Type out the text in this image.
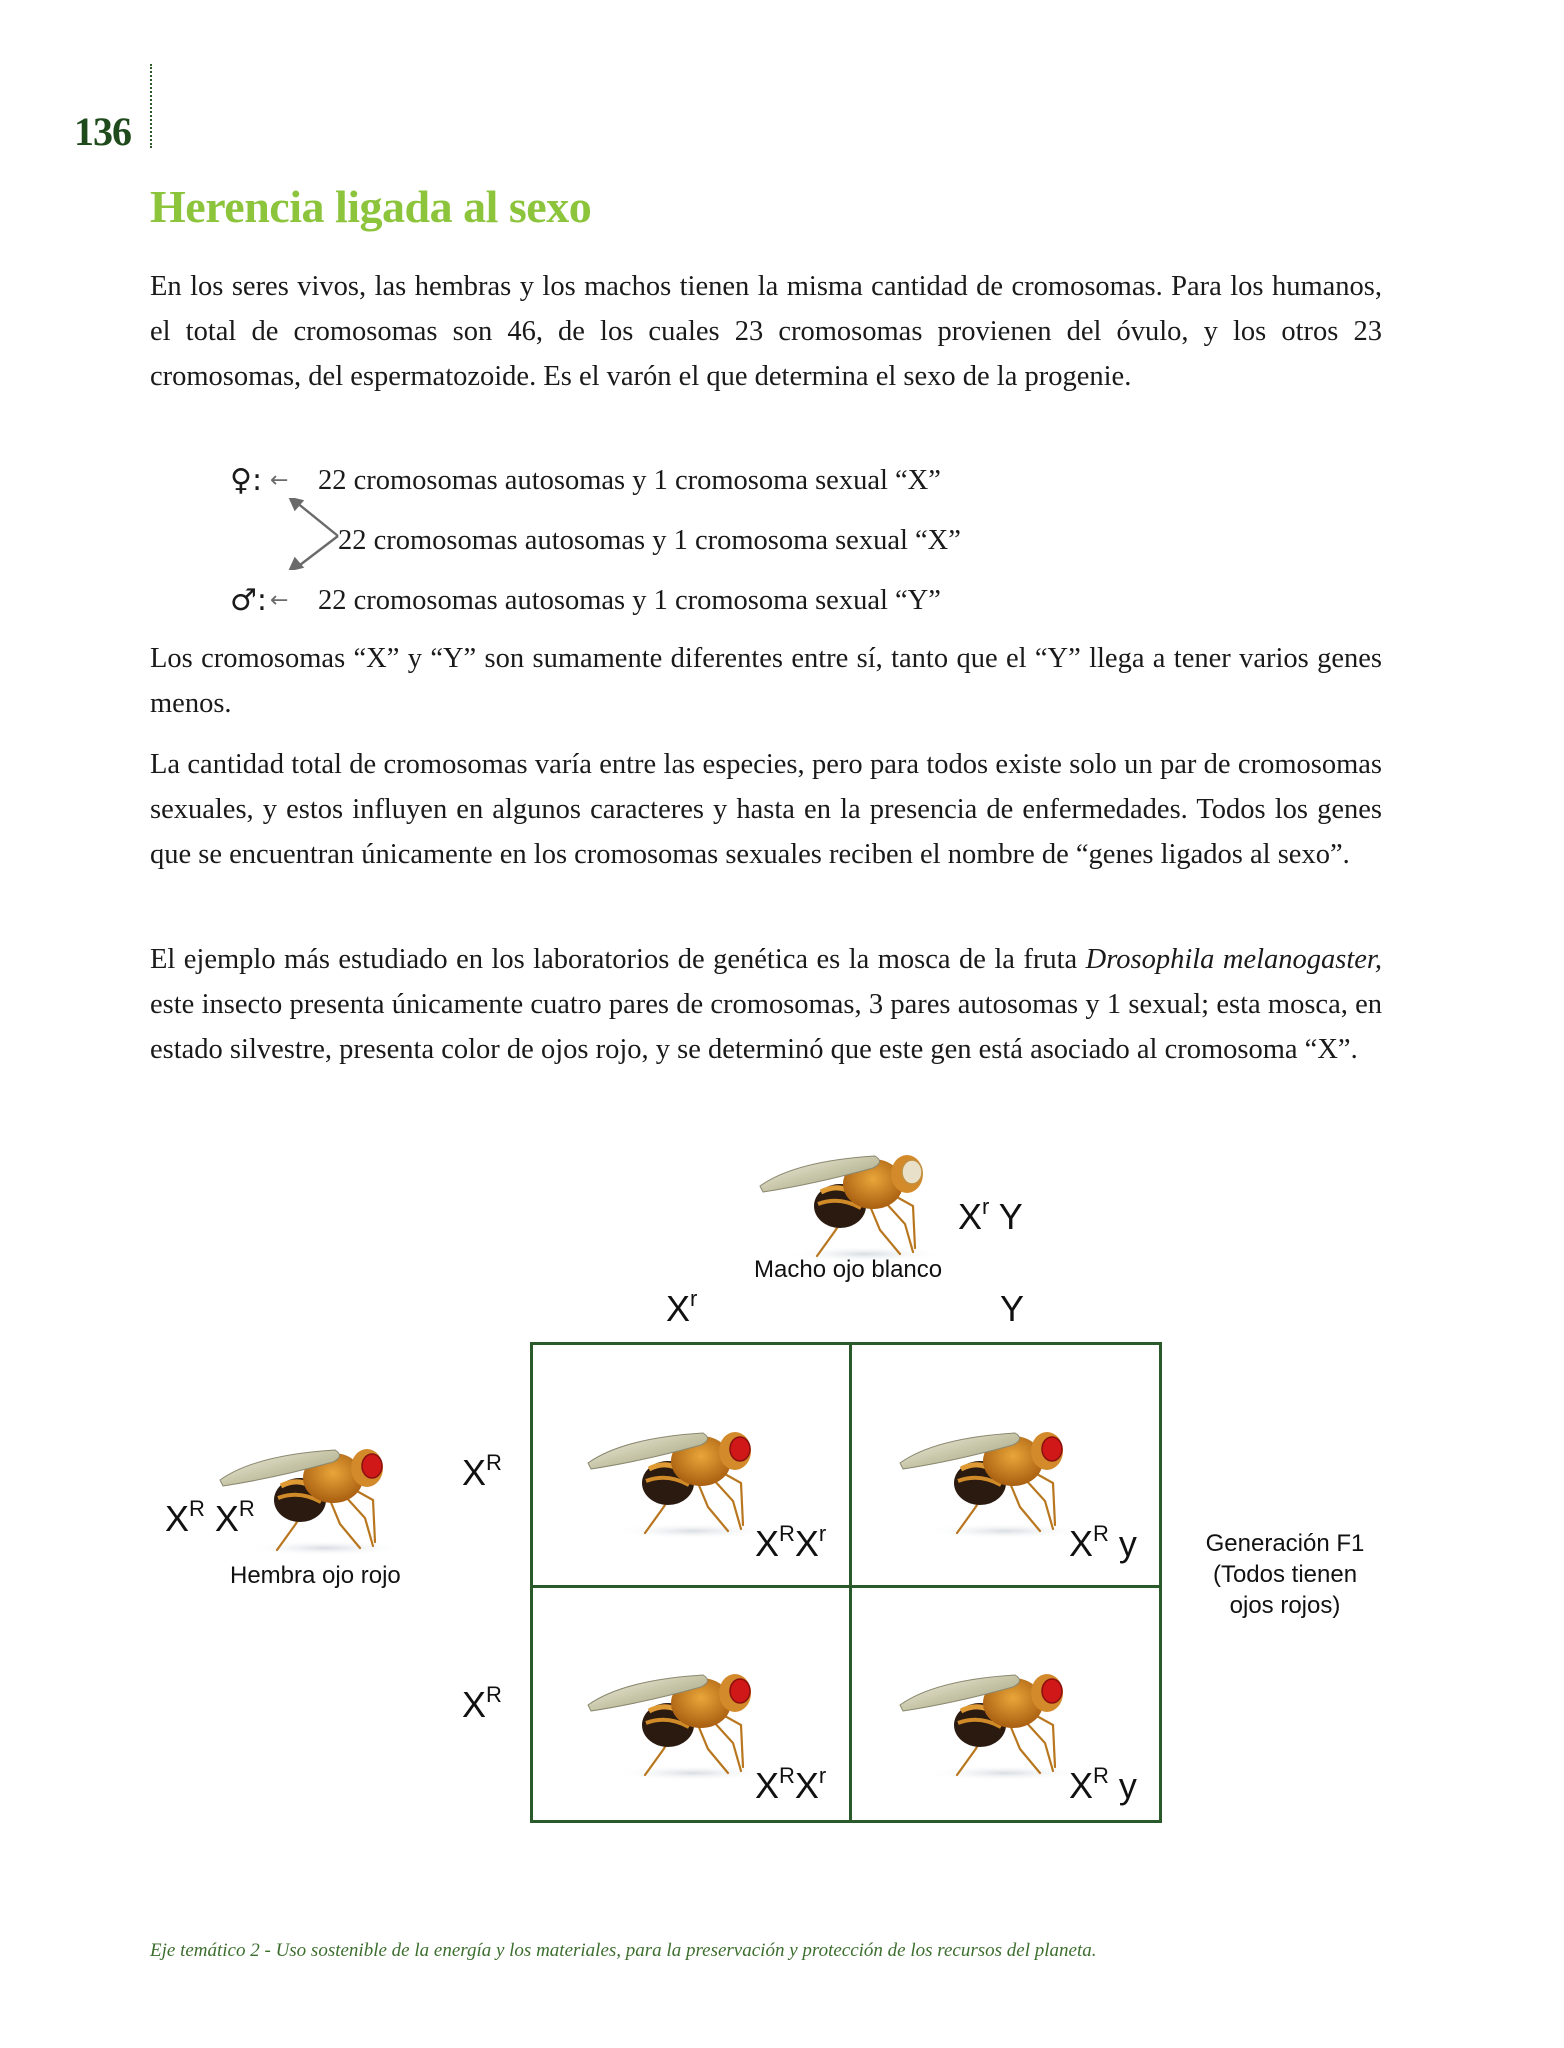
136
Herencia ligada al sexo
En los seres vivos, las hembras y los machos tienen la misma cantidad de cromosomas. Para los humanos, el total de cromosomas son 46, de los cuales 23 cromosomas provienen del óvulo, y los otros 23 cromosomas, del espermatozoide. Es el varón el que determina el sexo de la progenie.
♀: ←	22 cromosomas autosomas y 1 cromosoma sexual “X”
22 cromosomas autosomas y 1 cromosoma sexual “X”
♂: ←	22 cromosomas autosomas y 1 cromosoma sexual “Y”
Los cromosomas “X” y “Y” son sumamente diferentes entre sí, tanto que el “Y” llega a tener varios genes menos.
La cantidad total de cromosomas varía entre las especies, pero para todos existe solo un par de cromosomas sexuales, y estos influyen en algunos caracteres y hasta en la presencia de enfermedades. Todos los genes que se encuentran únicamente en los cromosomas sexuales reciben el nombre de “genes ligados al sexo”.
El ejemplo más estudiado en los laboratorios de genética es la mosca de la fruta Drosophila melanogaster, este insecto presenta únicamente cuatro pares de cromosomas, 3 pares autosomas y 1 sexual; esta mosca, en estado silvestre, presenta color de ojos rojo, y se determinó que este gen está asociado al cromosoma “X”.
$X^r$ Y
Macho ojo blanco
$X^r$	Y
$X^R$ $X^R$
Hembra ojo rojo
$X^R$
$X^R$
$X^RX^r$	$X^R$ y
$X^RX^r$	$X^R$ y
Generación F1
(Todos tienen
ojos rojos)
Eje temático 2 - Uso sostenible de la energía y los materiales, para la preservación y protección de los recursos del planeta.
